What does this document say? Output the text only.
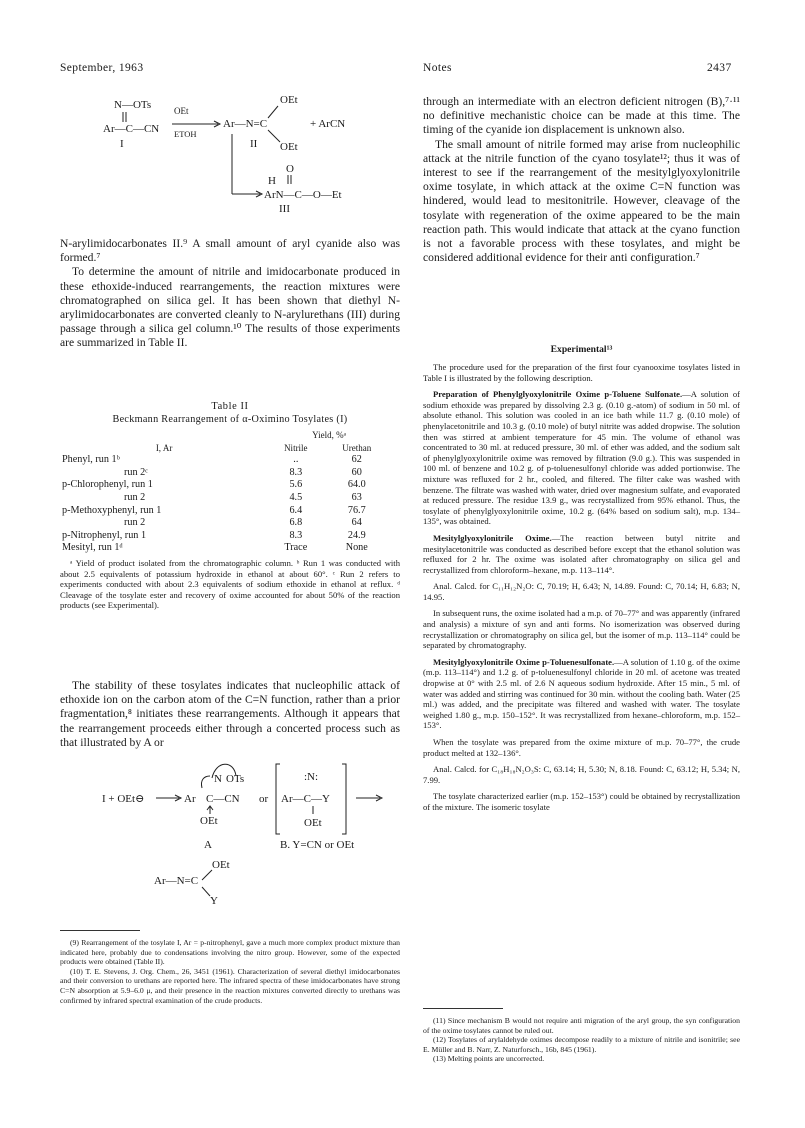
September, 1963	Notes	2437
N—OTs
Ar—C—CN
I
OEt
ETOH
OEt
Ar—N=C	+ ArCN
OEt
II
O
H
ArN—C—O—Et
III

N-arylimidocarbonates II.⁹ A small amount of aryl cyanide also was formed.⁷

To determine the amount of nitrile and imidocarbonate produced in these ethoxide-induced rearrangements, the reaction mixtures were chromatographed on silica gel. It has been shown that diethyl N-arylimidocarbonates are converted cleanly to N-arylurethans (III) during passage through a silica gel column.¹⁰ The results of those experiments are summarized in Table II.

Table II
Beckmann Rearrangement of α-Oximino Tosylates (I)
	Yield, %ᵃ	
I, Ar	Nitrile	Urethan
Phenyl, run 1ᵇ	..	62
run 2ᶜ	8.3	60
p-Chlorophenyl, run 1	5.6	64.0
run 2	4.5	63
p-Methoxyphenyl, run 1	6.4	76.7
run 2	6.8	64
p-Nitrophenyl, run 1	8.3	24.9
Mesityl, run 1ᵈ	Trace	None
ᵃ Yield of product isolated from the chromatographic column. ᵇ Run 1 was conducted with about 2.5 equivalents of potassium hydroxide in ethanol at about 60°. ᶜ Run 2 refers to experiments conducted with about 2.3 equivalents of sodium ethoxide in ethanol at reflux. ᵈ Cleavage of the tosylate ester and recovery of oxime accounted for about 50% of the reaction products (see Experimental).

The stability of these tosylates indicates that nucleophilic attack of ethoxide ion on the carbon atom of the C=N function, rather than a prior fragmentation,⁸ initiates these rearrangements. Although it appears that the rearrangement proceeds either through a concerted process such as that illustrated by A or

N OTs
I + OEt⊖	Ar C—CN
OEt
or
:N:
Ar—C—Y
OEt
A	B. Y=CN or OEt
OEt
Ar—N=C
Y

(9) Rearrangement of the tosylate I, Ar = p-nitrophenyl, gave a much more complex product mixture than indicated here, probably due to condensations involving the nitro group. However, some of the expected products were obtained (Table II).

(10) T. E. Stevens, J. Org. Chem., 26, 3451 (1961). Characterization of several diethyl imidocarbonates and their conversion to urethans are reported here. The infrared spectra of these imidocarbonates have strong C=N absorption at 5.9–6.0 μ, and their presence in the reaction mixtures converted directly to urethans was confirmed by infrared spectral examination of the crude products.

through an intermediate with an electron deficient nitrogen (B),⁷·¹¹ no definitive mechanistic choice can be made at this time. The timing of the cyanide ion displacement is unknown also.

The small amount of nitrile formed may arise from nucleophilic attack at the nitrile function of the cyano tosylate¹²; thus it was of interest to see if the rearrangement of the mesitylglyoxylonitrile oxime tosylate, in which attack at the oxime C=N function was hindered, would lead to mesitonitrile. However, cleavage of the tosylate with regeneration of the oxime appeared to be the main reaction path. This would indicate that attack at the cyano function is not a favorable process with these tosylates, and might be considered additional evidence for their anti configuration.⁷

Experimental¹³

The procedure used for the preparation of the first four cyanooxime tosylates listed in Table I is illustrated by the following description.

Preparation of Phenylglyoxylonitrile Oxime p-Toluene Sulfonate.—A solution of sodium ethoxide was prepared by dissolving 2.3 g. (0.10 g.-atom) of sodium in 50 ml. of absolute ethanol. This solution was cooled in an ice bath while 11.7 g. (0.10 mole) of phenylacetonitrile and 10.3 g. (0.10 mole) of butyl nitrite was added dropwise. The solution then was stirred at ambient temperature for 45 min. The volume of ethanol was concentrated to 30 ml. at reduced pressure, 30 ml. of ether was added, and the sodium salt of phenylglyoxylonitrile oxime was removed by filtration (9.0 g.). This was suspended in 100 ml. of benzene and 10.2 g. of p-toluenesulfonyl chloride was added portionwise. The mixture was refluxed for 2 hr., cooled, and filtered. The filter cake was washed with benzene. The filtrate was washed with water, dried over magnesium sulfate, and evaporated at reduced pressure. The residue 13.9 g., was recrystallized from 95% ethanol. Thus, the tosylate of phenylglyoxylonitrile oxime, 10.2 g. (64% based on sodium salt), m.p. 134–135°, was obtained.

Mesitylglyoxylonitrile Oxime.—The reaction between butyl nitrite and mesitylacetonitrile was conducted as described before except that the ethanol solution was refluxed for 2 hr. The oxime was isolated after chromatography on silica gel and recrystallized from chloroform–hexane, m.p. 113–114°.

Anal. Calcd. for C₁₁H₁₂N₂O: C, 70.19; H, 6.43; N, 14.89. Found: C, 70.14; H, 6.83; N, 14.95.

In subsequent runs, the oxime isolated had a m.p. of 70–77° and was apparently (infrared and analysis) a mixture of syn and anti forms. No isomerization was observed during recrystallization or chromatography on silica gel, but the isomer of m.p. 113–114° could be separated by chromatography.

Mesitylglyoxylonitrile Oxime p-Toluenesulfonate.—A solution of 1.10 g. of the oxime (m.p. 113–114°) and 1.2 g. of p-toluenesulfonyl chloride in 20 ml. of acetone was treated dropwise at 0° with 2.5 ml. of 2.6 N aqueous sodium hydroxide. After 15 min., 5 ml. of water was added and stirring was continued for 30 min. without the cooling bath. Water (25 ml.) was added, and the precipitate was filtered and washed with water. The tosylate weighed 1.80 g., m.p. 150–152°. It was recrystallized from hexane–chloroform, m.p. 152–153°.

When the tosylate was prepared from the oxime mixture of m.p. 70–77°, the crude product melted at 132–136°.

Anal. Calcd. for C₁₈H₁₈N₂O₃S: C, 63.14; H, 5.30; N, 8.18. Found: C, 63.12; H, 5.34; N, 7.99.

The tosylate characterized earlier (m.p. 152–153°) could be obtained by recrystallization of the mixture. The isomeric tosylate

(11) Since mechanism B would not require anti migration of the aryl group, the syn configuration of the oxime tosylates cannot be ruled out.

(12) Tosylates of arylaldehyde oximes decompose readily to a mixture of nitrile and isonitrile; see E. Müller and B. Narr, Z. Naturforsch., 16b, 845 (1961).

(13) Melting points are uncorrected.
